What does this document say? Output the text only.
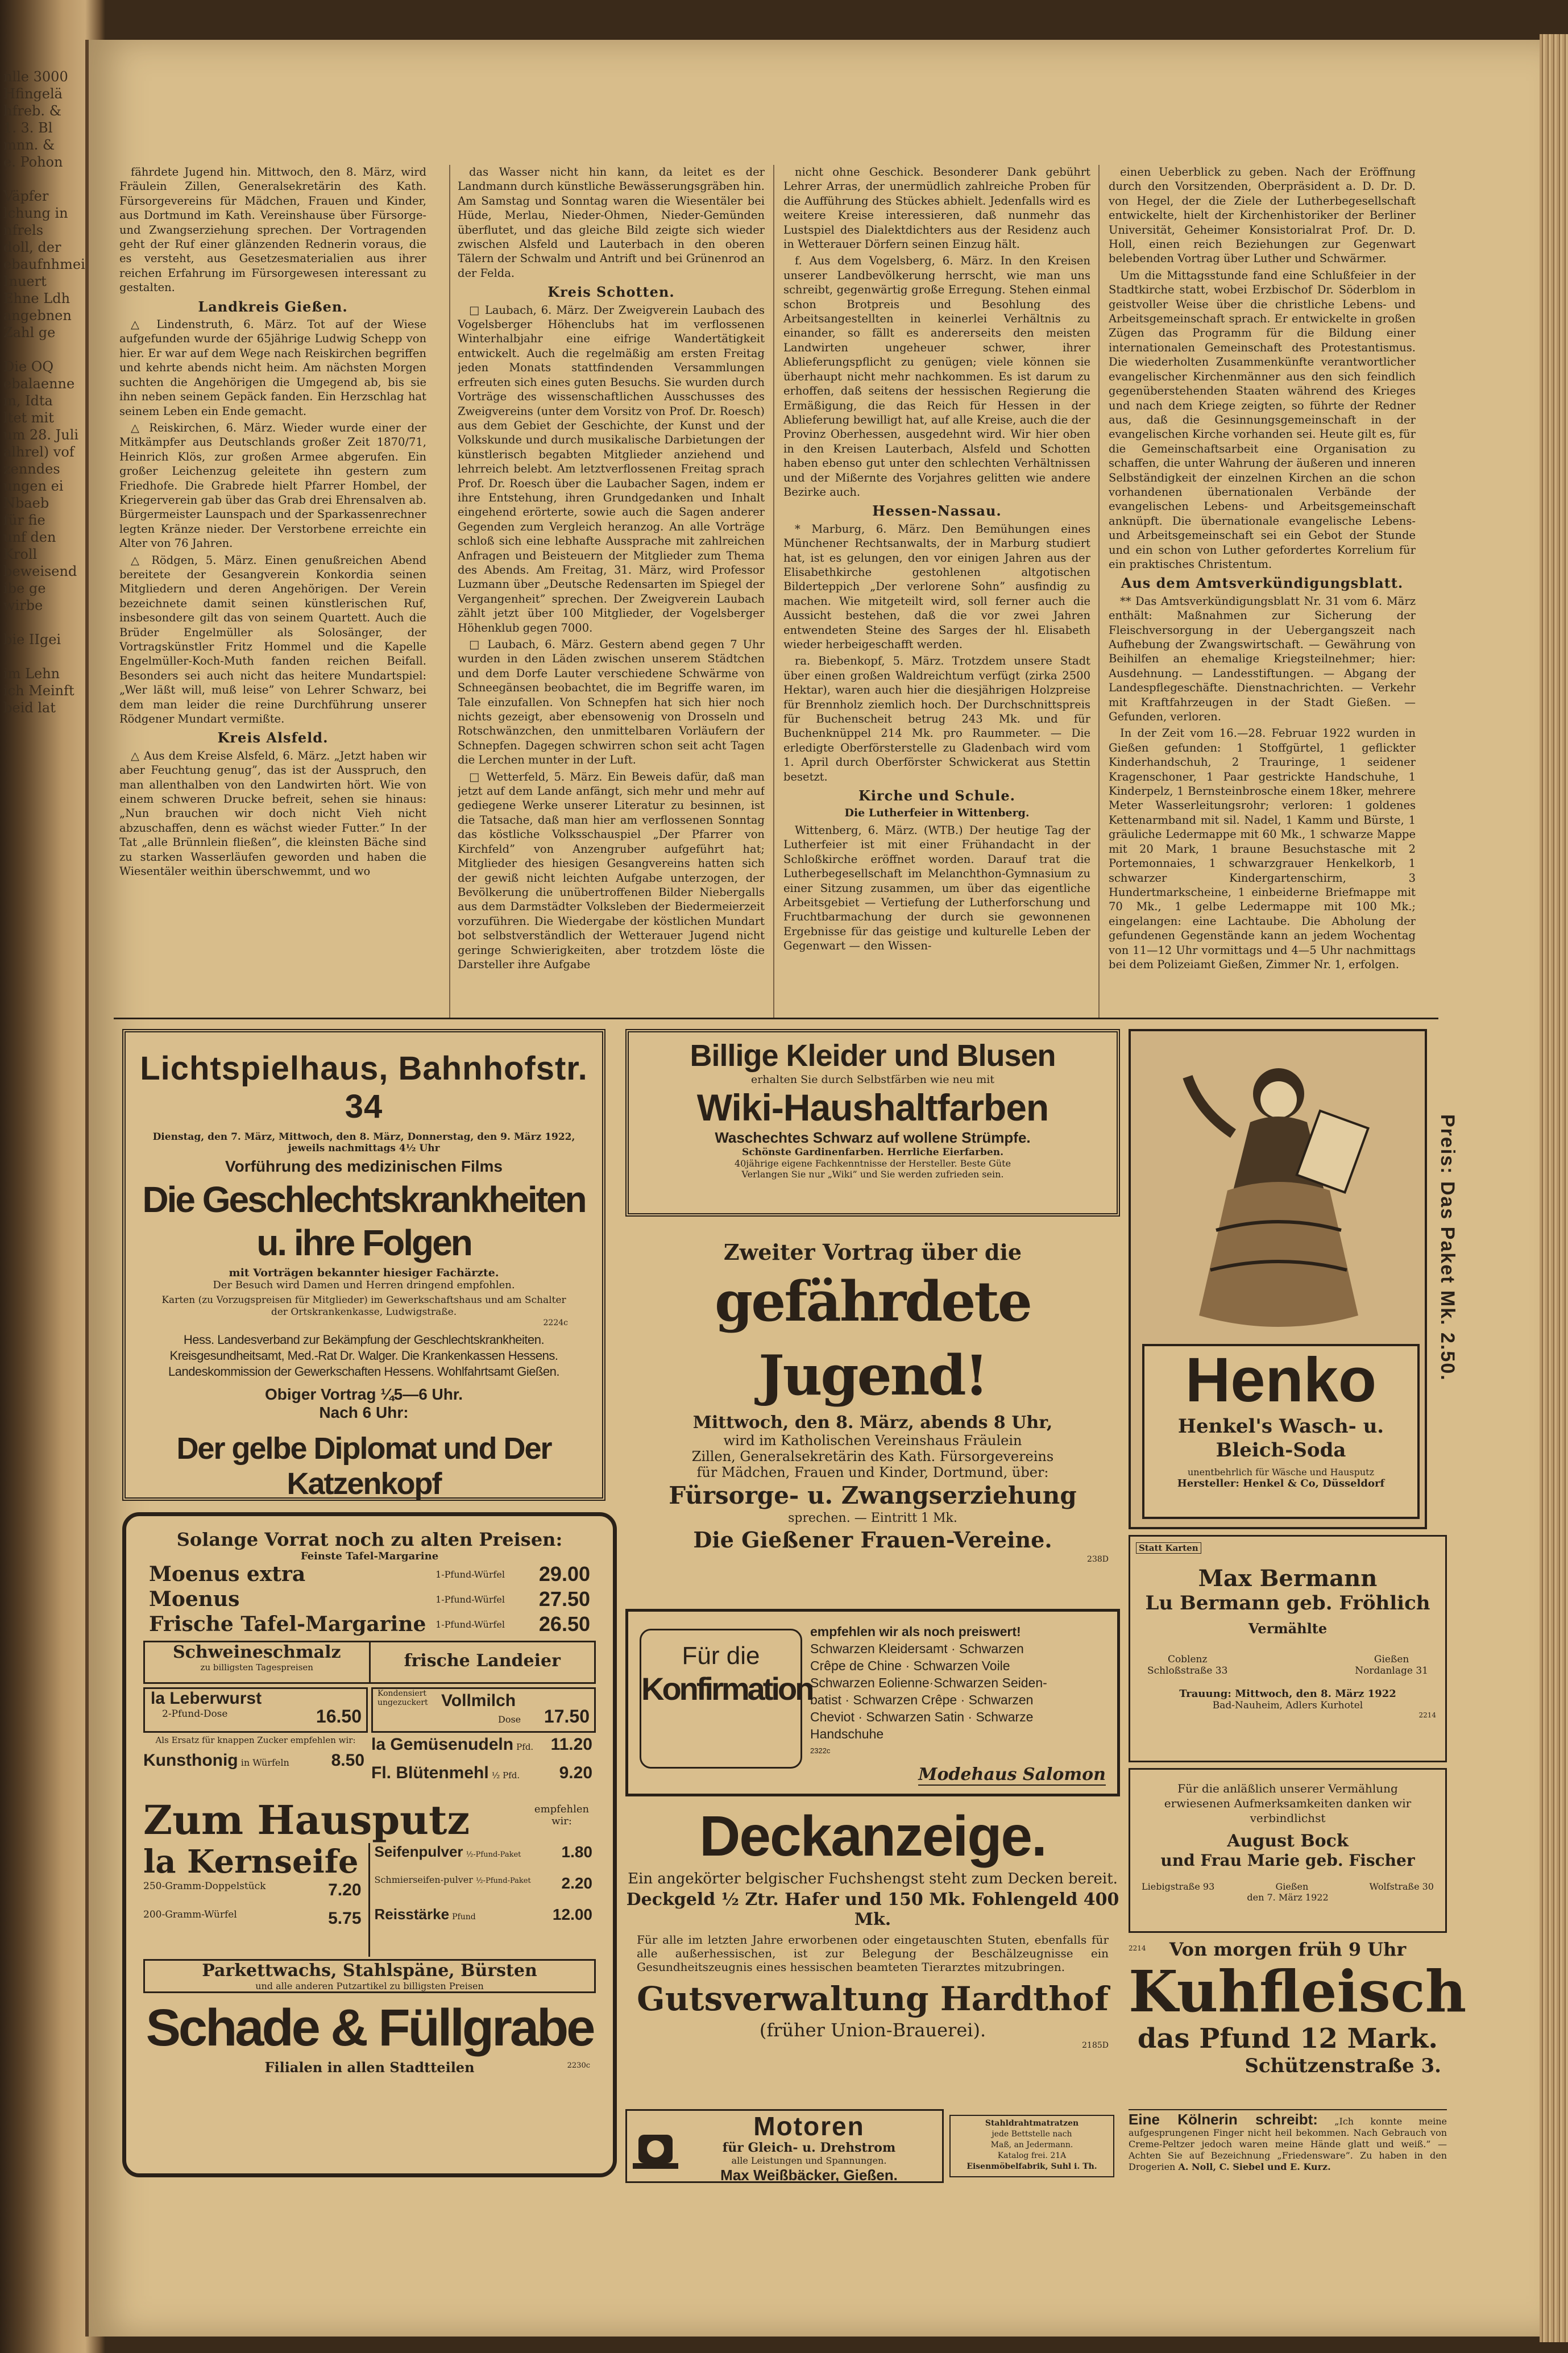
nlle 3000
Hfingelä
hfreb. &
1. 3. Bl
mnn. &
e. Pohon

Väpfer
lchung in
nfrels
doll, der
ebaufnhmei
Inuert
Ehne Ldh
angebnen
Zahl ge

Die OQ
ebalaenne
m, Idta
ltet mit
um 28. Juli
alhrel) vof
zenndes
ungen ei
Nbaeb
für fie
unf den
Kroll
beweisend
ibe ge
wirbe

bie IIgei

im Lehn
ich Meinft
beid lat

fährdete Jugend hin. Mittwoch, den 8. März, wird Fräulein Zillen, Generalsekretärin des Kath. Fürsorgevereins für Mädchen, Frauen und Kinder, aus Dortmund im Kath. Vereinshause über Fürsorge- und Zwangserziehung sprechen. Der Vortragenden geht der Ruf einer glänzenden Rednerin voraus, die es versteht, aus Gesetzesmaterialien aus ihrer reichen Erfahrung im Fürsorgewesen interessant zu gestalten.

Landkreis Gießen.

△ Lindenstruth, 6. März. Tot auf der Wiese aufgefunden wurde der 65jährige Ludwig Schepp von hier. Er war auf dem Wege nach Reiskirchen begriffen und kehrte abends nicht heim. Am nächsten Morgen suchten die Angehörigen die Umgegend ab, bis sie ihn neben seinem Gepäck fanden. Ein Herzschlag hat seinem Leben ein Ende gemacht.

△ Reiskirchen, 6. März. Wieder wurde einer der Mitkämpfer aus Deutschlands großer Zeit 1870/71, Heinrich Klös, zur großen Armee abgerufen. Ein großer Leichenzug geleitete ihn gestern zum Friedhofe. Die Grabrede hielt Pfarrer Hombel, der Kriegerverein gab über das Grab drei Ehrensalven ab. Bürgermeister Launspach und der Sparkassenrechner legten Kränze nieder. Der Verstorbene erreichte ein Alter von 76 Jahren.

△ Rödgen, 5. März. Einen genußreichen Abend bereitete der Gesangverein Konkordia seinen Mitgliedern und deren Angehörigen. Der Verein bezeichnete damit seinen künstlerischen Ruf, insbesondere gilt das von seinem Quartett. Auch die Brüder Engelmüller als Solosänger, der Vortragskünstler Fritz Hommel und die Kapelle Engelmüller-Koch-Muth fanden reichen Beifall. Besonders sei auch nicht das heitere Mundartspiel: „Wer läßt will, muß leise” von Lehrer Schwarz, bei dem man leider die reine Durchführung unserer Rödgener Mundart vermißte.

Kreis Alsfeld.

△ Aus dem Kreise Alsfeld, 6. März. „Jetzt haben wir aber Feuchtung genug”, das ist der Ausspruch, den man allenthalben von den Landwirten hört. Wie von einem schweren Drucke befreit, sehen sie hinaus: „Nun brauchen wir doch nicht Vieh nicht abzuschaffen, denn es wächst wieder Futter.” In der Tat „alle Brünnlein fließen”, die kleinsten Bäche sind zu starken Wasserläufen geworden und haben die Wiesentäler weithin überschwemmt, und wo

das Wasser nicht hin kann, da leitet es der Landmann durch künstliche Bewässerungsgräben hin. Am Samstag und Sonntag waren die Wiesentäler bei Hüde, Merlau, Nieder-Ohmen, Nieder-Gemünden überflutet, und das gleiche Bild zeigte sich wieder zwischen Alsfeld und Lauterbach in den oberen Tälern der Schwalm und Antrift und bei Grünenrod an der Felda.

Kreis Schotten.

□ Laubach, 6. März. Der Zweigverein Laubach des Vogelsberger Höhenclubs hat im verflossenen Winterhalbjahr eine eifrige Wandertätigkeit entwickelt. Auch die regelmäßig am ersten Freitag jeden Monats stattfindenden Versammlungen erfreuten sich eines guten Besuchs. Sie wurden durch Vorträge des wissenschaftlichen Ausschusses des Zweigvereins (unter dem Vorsitz von Prof. Dr. Roesch) aus dem Gebiet der Geschichte, der Kunst und der Volkskunde und durch musikalische Darbietungen der künstlerisch begabten Mitglieder anziehend und lehrreich belebt. Am letztverflossenen Freitag sprach Prof. Dr. Roesch über die Laubacher Sagen, indem er ihre Entstehung, ihren Grundgedanken und Inhalt eingehend erörterte, sowie auch die Sagen anderer Gegenden zum Vergleich heranzog. An alle Vorträge schloß sich eine lebhafte Aussprache mit zahlreichen Anfragen und Beisteuern der Mitglieder zum Thema des Abends. Am Freitag, 31. März, wird Professor Luzmann über „Deutsche Redensarten im Spiegel der Vergangenheit” sprechen. Der Zweigverein Laubach zählt jetzt über 100 Mitglieder, der Vogelsberger Höhenklub gegen 7000.

□ Laubach, 6. März. Gestern abend gegen 7 Uhr wurden in den Läden zwischen unserem Städtchen und dem Dorfe Lauter verschiedene Schwärme von Schneegänsen beobachtet, die im Begriffe waren, im Tale einzufallen. Von Schnepfen hat sich hier noch nichts gezeigt, aber ebensowenig von Drosseln und Rotschwänzchen, den unmittelbaren Vorläufern der Schnepfen. Dagegen schwirren schon seit acht Tagen die Lerchen munter in der Luft.

□ Wetterfeld, 5. März. Ein Beweis dafür, daß man jetzt auf dem Lande anfängt, sich mehr und mehr auf gediegene Werke unserer Literatur zu besinnen, ist die Tatsache, daß man hier am verflossenen Sonntag das köstliche Volksschauspiel „Der Pfarrer von Kirchfeld” von Anzengruber aufgeführt hat; Mitglieder des hiesigen Gesangvereins hatten sich der gewiß nicht leichten Aufgabe unterzogen, der Bevölkerung die unübertroffenen Bilder Niebergalls aus dem Darmstädter Volksleben der Biedermeierzeit vorzuführen. Die Wiedergabe der köstlichen Mundart bot selbstverständlich der Wetterauer Jugend nicht geringe Schwierigkeiten, aber trotzdem löste die Darsteller ihre Aufgabe

nicht ohne Geschick. Besonderer Dank gebührt Lehrer Arras, der unermüdlich zahlreiche Proben für die Aufführung des Stückes abhielt. Jedenfalls wird es weitere Kreise interessieren, daß nunmehr das Lustspiel des Dialektdichters aus der Residenz auch in Wetterauer Dörfern seinen Einzug hält.

f. Aus dem Vogelsberg, 6. März. In den Kreisen unserer Landbevölkerung herrscht, wie man uns schreibt, gegenwärtig große Erregung. Stehen einmal schon Brotpreis und Besohlung des Arbeitsangestellten in keinerlei Verhältnis zu einander, so fällt es andererseits den meisten Landwirten ungeheuer schwer, ihrer Ablieferungspflicht zu genügen; viele können sie überhaupt nicht mehr nachkommen. Es ist darum zu erhoffen, daß seitens der hessischen Regierung die Ermäßigung, die das Reich für Hessen in der Ablieferung bewilligt hat, auf alle Kreise, auch die der Provinz Oberhessen, ausgedehnt wird. Wir hier oben in den Kreisen Lauterbach, Alsfeld und Schotten haben ebenso gut unter den schlechten Verhältnissen und der Mißernte des Vorjahres gelitten wie andere Bezirke auch.

Hessen-Nassau.

* Marburg, 6. März. Den Bemühungen eines Münchener Rechtsanwalts, der in Marburg studiert hat, ist es gelungen, den vor einigen Jahren aus der Elisabethkirche gestohlenen altgotischen Bilderteppich „Der verlorene Sohn” ausfindig zu machen. Wie mitgeteilt wird, soll ferner auch die Aussicht bestehen, daß die vor zwei Jahren entwendeten Steine des Sarges der hl. Elisabeth wieder herbeigeschafft werden.

ra. Biebenkopf, 5. März. Trotzdem unsere Stadt über einen großen Waldreichtum verfügt (zirka 2500 Hektar), waren auch hier die diesjährigen Holzpreise für Brennholz ziemlich hoch. Der Durchschnittspreis für Buchenscheit betrug 243 Mk. und für Buchenknüppel 214 Mk. pro Raummeter. — Die erledigte Oberförsterstelle zu Gladenbach wird vom 1. April durch Oberförster Schwickerat aus Stettin besetzt.

Kirche und Schule.

Die Lutherfeier in Wittenberg.

Wittenberg, 6. März. (WTB.) Der heutige Tag der Lutherfeier ist mit einer Frühandacht in der Schloßkirche eröffnet worden. Darauf trat die Lutherbegesellschaft im Melanchthon-Gymnasium zu einer Sitzung zusammen, um über das eigentliche Arbeitsgebiet — Vertiefung der Lutherforschung und Fruchtbarmachung der durch sie gewonnenen Ergebnisse für das geistige und kulturelle Leben der Gegenwart — den Wissen-

einen Ueberblick zu geben. Nach der Eröffnung durch den Vorsitzenden, Oberpräsident a. D. Dr. D. von Hegel, der die Ziele der Lutherbegesellschaft entwickelte, hielt der Kirchenhistoriker der Berliner Universität, Geheimer Konsistorialrat Prof. Dr. D. Holl, einen reich Beziehungen zur Gegenwart belebenden Vortrag über Luther und Schwärmer.

Um die Mittagsstunde fand eine Schlußfeier in der Stadtkirche statt, wobei Erzbischof Dr. Söderblom in geistvoller Weise über die christliche Lebens- und Arbeitsgemeinschaft sprach. Er entwickelte in großen Zügen das Programm für die Bildung einer internationalen Gemeinschaft des Protestantismus. Die wiederholten Zusammenkünfte verantwortlicher evangelischer Kirchenmänner aus den sich feindlich gegenüberstehenden Staaten während des Krieges und nach dem Kriege zeigten, so führte der Redner aus, daß die Gesinnungsgemeinschaft in der evangelischen Kirche vorhanden sei. Heute gilt es, für die Gemeinschaftsarbeit eine Organisation zu schaffen, die unter Wahrung der äußeren und inneren Selbständigkeit der einzelnen Kirchen an die schon vorhandenen übernationalen Verbände der evangelischen Lebens- und Arbeitsgemeinschaft anknüpft. Die übernationale evangelische Lebens- und Arbeitsgemeinschaft sei ein Gebot der Stunde und ein schon von Luther gefordertes Korrelium für ein praktisches Christentum.

Aus dem Amtsverkündigungsblatt.

** Das Amtsverkündigungsblatt Nr. 31 vom 6. März enthält: Maßnahmen zur Sicherung der Fleischversorgung in der Uebergangszeit nach Aufhebung der Zwangswirtschaft. — Gewährung von Beihilfen an ehemalige Kriegsteilnehmer; hier: Ausdehnung. — Landesstiftungen. — Abgang der Landespflegeschäfte. Dienstnachrichten. — Verkehr mit Kraftfahrzeugen in der Stadt Gießen. — Gefunden, verloren.

In der Zeit vom 16.—28. Februar 1922 wurden in Gießen gefunden: 1 Stoffgürtel, 1 geflickter Kinderhandschuh, 2 Trauringe, 1 seidener Kragenschoner, 1 Paar gestrickte Handschuhe, 1 Kinderpelz, 1 Bernsteinbrosche einem 18ker, mehrere Meter Wasserleitungsrohr; verloren: 1 goldenes Kettenarmband mit sil. Nadel, 1 Kamm und Bürste, 1 gräuliche Ledermappe mit 60 Mk., 1 schwarze Mappe mit 20 Mark, 1 braune Besuchstasche mit 2 Portemonnaies, 1 schwarzgrauer Henkelkorb, 1 schwarzer Kindergartenschirm, 3 Hundertmarkscheine, 1 einbeiderne Briefmappe mit 70 Mk., 1 gelbe Ledermappe mit 100 Mk.; eingelangen: eine Lachtaube. Die Abholung der gefundenen Gegenstände kann an jedem Wochentag von 11—12 Uhr vormittags und 4—5 Uhr nachmittags bei dem Polizeiamt Gießen, Zimmer Nr. 1, erfolgen.

Lichtspielhaus, Bahnhofstr. 34
Dienstag, den 7. März, Mittwoch, den 8. März, Donnerstag, den 9. März 1922, jeweils nachmittags 4½ Uhr
Vorführung des medizinischen Films
Die Geschlechtskrankheiten u. ihre Folgen
mit Vorträgen bekannter hiesiger Fachärzte.
Der Besuch wird Damen und Herren dringend empfohlen.
Karten (zu Vorzugspreisen für Mitglieder) im Gewerkschaftshaus und am Schalter der Ortskrankenkasse, Ludwigstraße.
2224c
Hess. Landesverband zur Bekämpfung der Geschlechtskrankheiten.
Kreisgesundheitsamt, Med.-Rat Dr. Walger. Die Krankenkassen Hessens.
Landeskommission der Gewerkschaften Hessens. Wohlfahrtsamt Gießen.
Obiger Vortrag ¼5—6 Uhr.
Nach 6 Uhr:
Der gelbe Diplomat und Der Katzenkopf
Solange Vorrat noch zu alten Preisen:
Feinste Tafel-Margarine
Moenus extra	1-Pfund-Würfel 29.00
Moenus	1-Pfund-Würfel 27.50
Frische Tafel-Margarine 1-Pfund-Würfel 26.50
Schweineschmalz
zu billigsten Tagespreisen	frische Landeier
la Leberwurst
2-Pfund-Dose	16.50
Kondensiert ungezuckert Vollmilch
Dose 17.50
Als Ersatz für knappen Zucker empfehlen wir:
Kunsthonig in Würfeln 8.50
la Gemüsenudeln Pfd. 11.20
Fl. Blütenmehl ½ Pfd. 9.20
Zum Hausputz	empfehlen wir:
la Kernseife
250-Gramm-Doppelstück	7.20
200-Gramm-Würfel	5.75
Seifenpulver ½-Pfund-Paket	1.80
Schmierseifen-pulver ½-Pfund-Paket 2.20
Reisstärke Pfund	12.00
Parkettwachs, Stahlspäne, Bürsten
und alle anderen Putzartikel zu billigsten Preisen
Schade & Füllgrabe
Filialen in allen Stadtteilen	2230c
Billige Kleider und Blusen
erhalten Sie durch Selbstfärben wie neu mit
Wiki-Haushaltfarben
Waschechtes Schwarz auf wollene Strümpfe.
Schönste Gardinenfarben. Herrliche Eierfarben.
40jährige eigene Fachkenntnisse der Hersteller. Beste Güte
Verlangen Sie nur „Wiki” und Sie werden zufrieden sein.
Zweiter Vortrag über die
gefährdete Jugend!
Mittwoch, den 8. März, abends 8 Uhr,
wird im Katholischen Vereinshaus Fräulein
Zillen, Generalsekretärin des Kath. Fürsorgevereins
für Mädchen, Frauen und Kinder, Dortmund, über:
Fürsorge- u. Zwangserziehung
sprechen. — Eintritt 1 Mk.
Die Gießener Frauen-Vereine.
238D
Für die
Konfirmation
empfehlen wir als noch preiswert!
Schwarzen Kleidersamt · Schwarzen
Crêpe de Chine · Schwarzen Voile
Schwarzen Eolienne·Schwarzen Seiden-
batist · Schwarzen Crêpe · Schwarzen
Cheviot · Schwarzen Satin · Schwarze
Handschuhe
2322c
Modehaus Salomon
Deckanzeige.
Ein angekörter belgischer Fuchshengst steht zum Decken bereit.
Deckgeld ½ Ztr. Hafer und 150 Mk. Fohlengeld 400 Mk.
Für alle im letzten Jahre erworbenen oder eingetauschten Stuten, ebenfalls für alle außerhessischen, ist zur Belegung der Beschälzeugnisse ein Gesundheitszeugnis eines hessischen beamteten Tierarztes mitzubringen.
Gutsverwaltung Hardthof
(früher Union-Brauerei).
2185D
Motoren
für Gleich- u. Drehstrom
alle Leistungen und Spannungen.
Max Weißbäcker, Gießen.
Stahldrahtmatratzen
jede Bettstelle nach
Maß, an Jedermann.
Katalog frei. 21A
Eisenmöbelfabrik, Suhl i. Th.
Henko
Henkel's Wasch- u. Bleich-Soda
unentbehrlich für Wäsche und Hausputz
Hersteller: Henkel & Co, Düsseldorf
Preis: Das Paket Mk. 2.50.
Statt Karten
Max Bermann
Lu Bermann geb. Fröhlich
Vermählte
Coblenz
Schloßstraße 33
Gießen
Nordanlage 31
Trauung: Mittwoch, den 8. März 1922
Bad-Nauheim, Adlers Kurhotel
2214
Für die anläßlich unserer Vermählung erwiesenen Aufmerksamkeiten danken wir verbindlichst
August Bock
und Frau Marie geb. Fischer
Liebigstraße 93	Gießen	Wolfstraße 30
den 7. März 1922
Von morgen früh 9 Uhr
2214
Kuhfleisch
das Pfund 12 Mark.
Schützenstraße 3.
Eine Kölnerin schreibt: „Ich konnte meine aufgesprungenen Finger nicht heil bekommen. Nach Gebrauch von Creme-Peltzer jedoch waren meine Hände glatt und weiß.” — Achten Sie auf Bezeichnung „Friedensware”. Zu haben in den Drogerien A. Noll, C. Siebel und E. Kurz.
